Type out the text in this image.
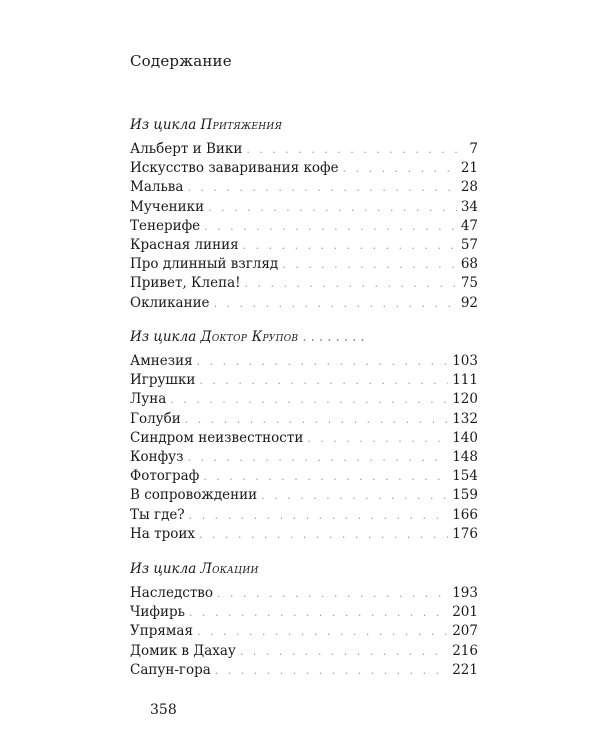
Содержание
Из цикла Притяжения
Альберт и Вики . . .	7
Искусство заваривания кофе . . .	21
Мальва . . .	28
Мученики . . .	34
Тенерифе . . .	47
Красная линия . . .	57
Про длинный взгляд . . .	68
Привет, Клепа! . . .	75
Окликание . . .	92
Из цикла Доктор Крупов ........
Амнезия . . .	103
Игрушки . . .	111
Луна . . .	120
Голуби . . .	132
Синдром неизвестности . . .	140
Конфуз . . .	148
Фотограф . . .	154
В сопровождении . . .	159
Ты где? . . .	166
На троих . . .	176
Из цикла Локации
Наследство . . .	193
Чифирь . . .	201
Упрямая . . .	207
Домик в Дахау . . .	216
Сапун-гора . . .	221
358
